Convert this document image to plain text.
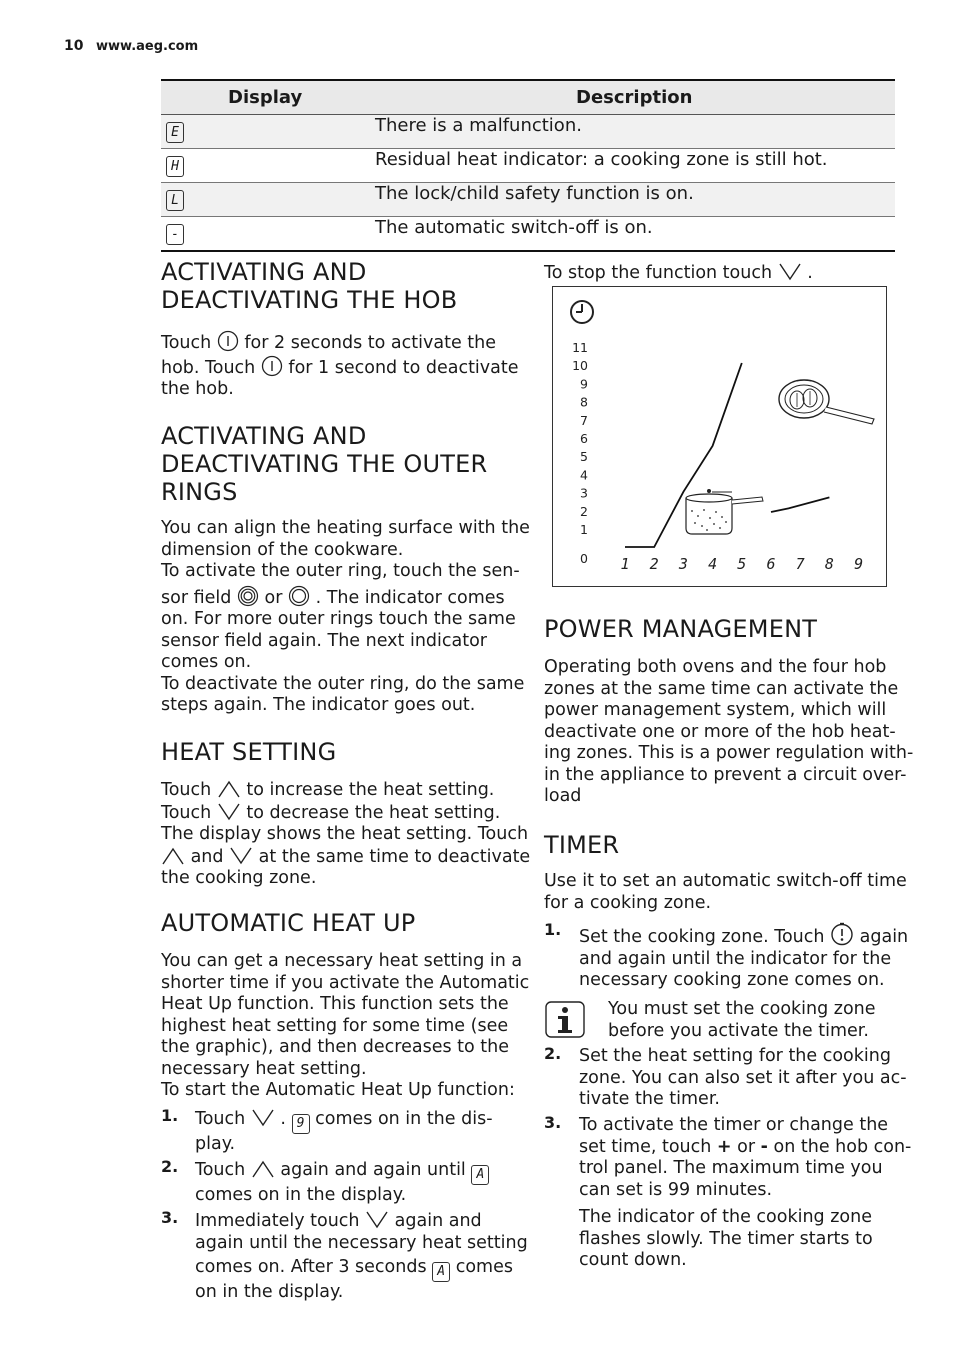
10 www.aeg.com
Display	Description
E	There is a malfunction.
H	Residual heat indicator: a cooking zone is still hot.
L	The lock/child safety function is on.
-	The automatic switch-off is on.
ACTIVATING AND
DEACTIVATING THE HOB
Touch for 2 seconds to activate the
hob. Touch for 1 second to deactivate
the hob.
ACTIVATING AND
DEACTIVATING THE OUTER
RINGS
You can align the heating surface with the
dimension of the cookware.
To activate the outer ring, touch the sen-
sor field or . The indicator comes
on. For more outer rings touch the same
sensor field again. The next indicator
comes on.
To deactivate the outer ring, do the same
steps again. The indicator goes out.
HEAT SETTING
Touch to increase the heat setting.
Touch to decrease the heat setting.
The display shows the heat setting. Touch
and at the same time to deactivate
the cooking zone.
AUTOMATIC HEAT UP
You can get a necessary heat setting in a
shorter time if you activate the Automatic
Heat Up function. This function sets the
highest heat setting for some time (see
the graphic), and then decreases to the
necessary heat setting.
To start the Automatic Heat Up function:
1. Touch . 9 comes on in the dis-
play.
2. Touch again and again until A
comes on in the display.
3. Immediately touch again and
again until the necessary heat setting
comes on. After 3 seconds A comes
on in the display.
To stop the function touch .
11
10
9
8
7
6
5
4
3
2
1
0 1 2 3 4 5 6 7 8 9
POWER MANAGEMENT
Operating both ovens and the four hob
zones at the same time can activate the
power management system, which will
deactivate one or more of the hob heat-
ing zones. This is a power regulation with-
in the appliance to prevent a circuit over-
load
TIMER
Use it to set an automatic switch-off time
for a cooking zone.
1. Set the cooking zone. Touch again
and again until the indicator for the
necessary cooking zone comes on.
You must set the cooking zone
before you activate the timer.
2. Set the heat setting for the cooking
zone. You can also set it after you ac-
tivate the timer.
3. To activate the timer or change the
set time, touch + or - on the hob con-
trol panel. The maximum time you
can set is 99 minutes.
The indicator of the cooking zone
flashes slowly. The timer starts to
count down.
